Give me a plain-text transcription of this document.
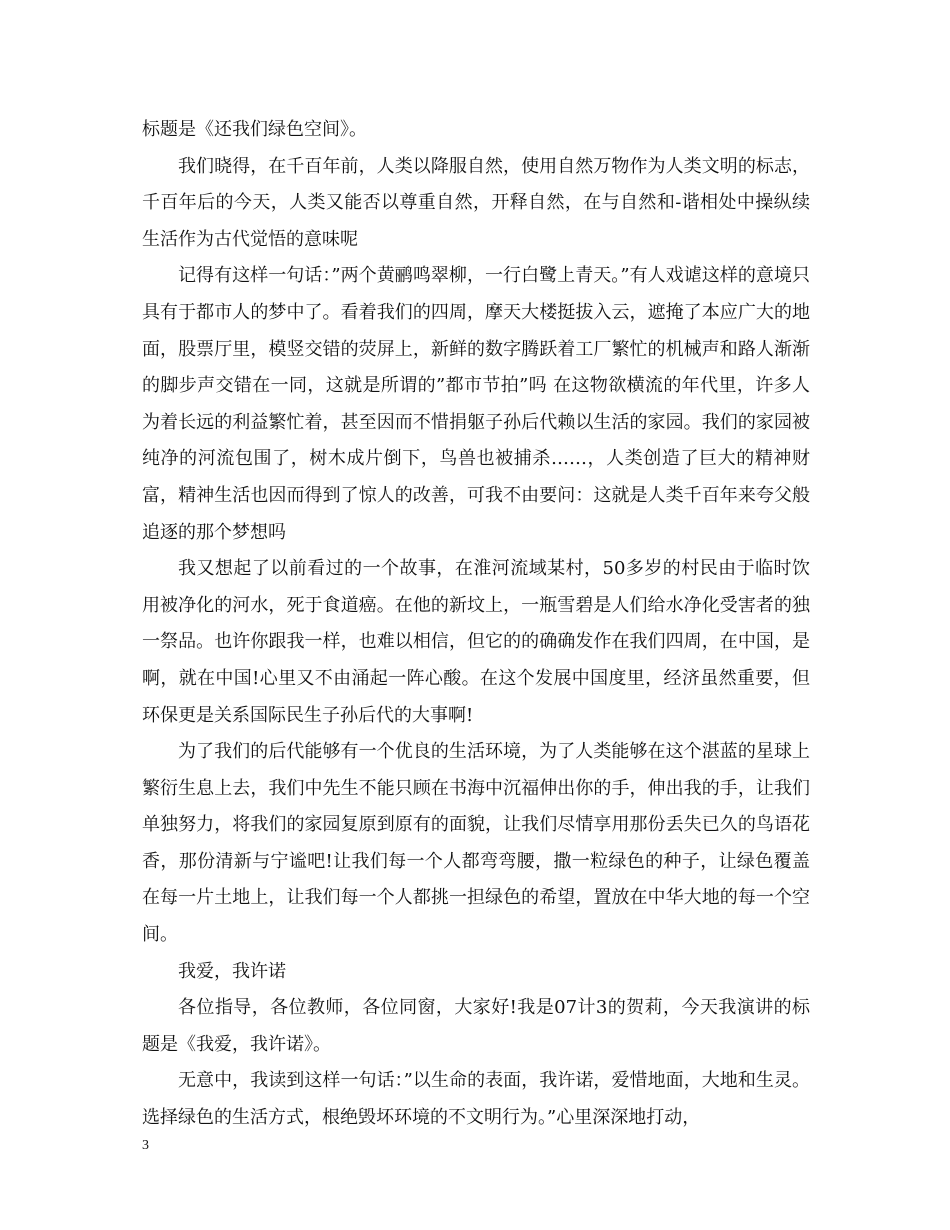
标题是《还我们绿色空间》。

我们晓得，在千百年前，人类以降服自然，使用自然万物作为人类文明的标志，千百年后的今天，人类又能否以尊重自然，开释自然，在与自然和-谐相处中操纵续生活作为古代觉悟的意味呢

记得有这样一句话：”两个黄鹂鸣翠柳，一行白鹭上青天。”有人戏谑这样的意境只具有于都市人的梦中了。看着我们的四周，摩天大楼挺拔入云，遮掩了本应广大的地面，股票厅里，模竖交错的荧屏上，新鲜的数字腾跃着工厂繁忙的机械声和路人渐渐的脚步声交错在一同，这就是所谓的”都市节拍”吗 在这物欲横流的年代里，许多人为着长远的利益繁忙着，甚至因而不惜捐躯子孙后代赖以生活的家园。我们的家园被纯净的河流包围了，树木成片倒下，鸟兽也被捕杀……，人类创造了巨大的精神财富，精神生活也因而得到了惊人的改善，可我不由要问：这就是人类千百年来夸父般追逐的那个梦想吗

我又想起了以前看过的一个故事，在淮河流域某村，50多岁的村民由于临时饮用被净化的河水，死于食道癌。在他的新坟上，一瓶雪碧是人们给水净化受害者的独一祭品。也许你跟我一样，也难以相信，但它的的确确发作在我们四周，在中国，是啊，就在中国!心里又不由涌起一阵心酸。在这个发展中国度里，经济虽然重要，但环保更是关系国际民生子孙后代的大事啊!

为了我们的后代能够有一个优良的生活环境，为了人类能够在这个湛蓝的星球上繁衍生息上去，我们中先生不能只顾在书海中沉福伸出你的手，伸出我的手，让我们单独努力，将我们的家园复原到原有的面貌，让我们尽情享用那份丢失已久的鸟语花香，那份清新与宁谧吧!让我们每一个人都弯弯腰，撒一粒绿色的种子，让绿色覆盖在每一片土地上，让我们每一个人都挑一担绿色的希望，置放在中华大地的每一个空间。

我爱，我许诺

各位指导，各位教师，各位同窗，大家好!我是07计3的贺莉，今天我演讲的标题是《我爱，我许诺》。

无意中，我读到这样一句话：”以生命的表面，我许诺，爱惜地面，大地和生灵。选择绿色的生活方式，根绝毁坏环境的不文明行为。”心里深深地打动，

3
